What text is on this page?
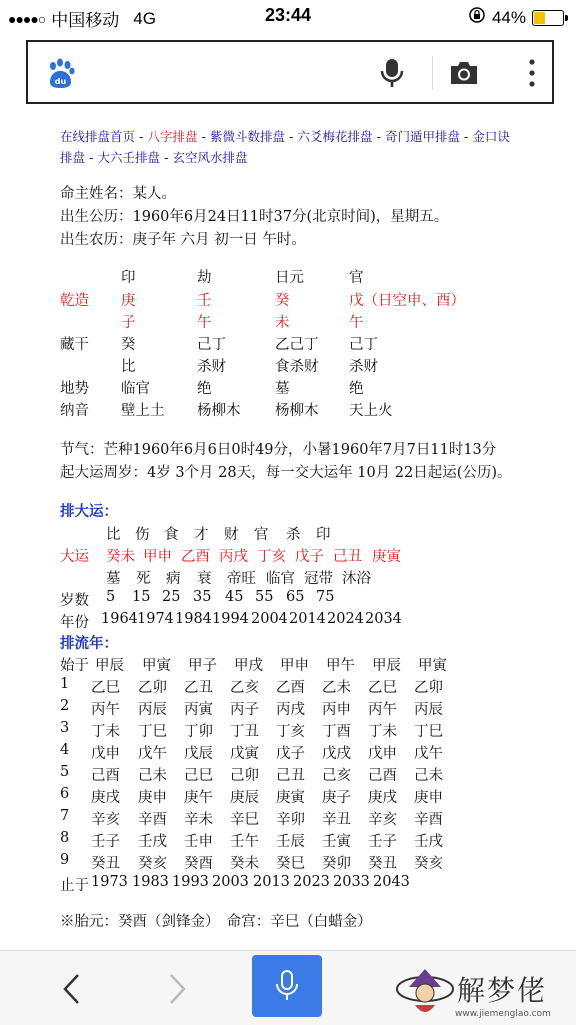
●●●●○ 中国移动 4G	23:44	44%
du
在线排盘首页 - 八字排盘 - 紫微斗数排盘 - 六爻梅花排盘 - 奇门遁甲排盘 - 金口诀排盘 - 大六壬排盘 - 玄空风水排盘
命主姓名：某人。
出生公历：1960年6月24日11时37分(北京时间)，星期五。
出生农历：庚子年 六月 初一日 午时。
印	劫	日元	官
乾造 庚	壬	癸	戊（日空申、酉）
子	午	未	午
藏干 癸	己丁	乙己丁 己丁
比	杀财	食杀财 杀财
地势 临官	绝	墓	绝
纳音 壁上土 杨柳木 杨柳木 天上火
节气：芒种1960年6月6日0时49分，小暑1960年7月7日11时13分
起大运周岁：4岁 3个月 28天，每一交大运年 10月 22日起运(公历)。
排大运：
比 伤 食 才 财 官 杀 印
大运 癸未 甲申 乙酉 丙戌 丁亥 戊子 己丑 庚寅
墓 死 病 衰 帝旺 临官 冠带 沐浴
岁数 5 15 25 35 45 55 65 75
年份 1964 1974 1984 1994 2004 2014 2024 2034
排流年：
始于 甲辰 甲寅 甲子 甲戌 甲申 甲午 甲辰 甲寅
1 乙巳 乙卯 乙丑 乙亥 乙酉 乙未 乙巳 乙卯
2 丙午 丙辰 丙寅 丙子 丙戌 丙申 丙午 丙辰
3 丁未 丁巳 丁卯 丁丑 丁亥 丁酉 丁未 丁巳
4 戊申 戊午 戊辰 戊寅 戊子 戊戌 戊申 戊午
5 己酉 己未 己巳 己卯 己丑 己亥 己酉 己未
6 庚戌 庚申 庚午 庚辰 庚寅 庚子 庚戌 庚申
7 辛亥 辛酉 辛未 辛巳 辛卯 辛丑 辛亥 辛酉
8 壬子 壬戌 壬申 壬午 壬辰 壬寅 壬子 壬戌
9 癸丑 癸亥 癸酉 癸未 癸巳 癸卯 癸丑 癸亥
止于 1973 1983 1993 2003 2013 2023 2033 2043
※胎元：癸酉（剑锋金）　命宫：辛巳（白蜡金）
解梦佬
www.jiemenglao.com
